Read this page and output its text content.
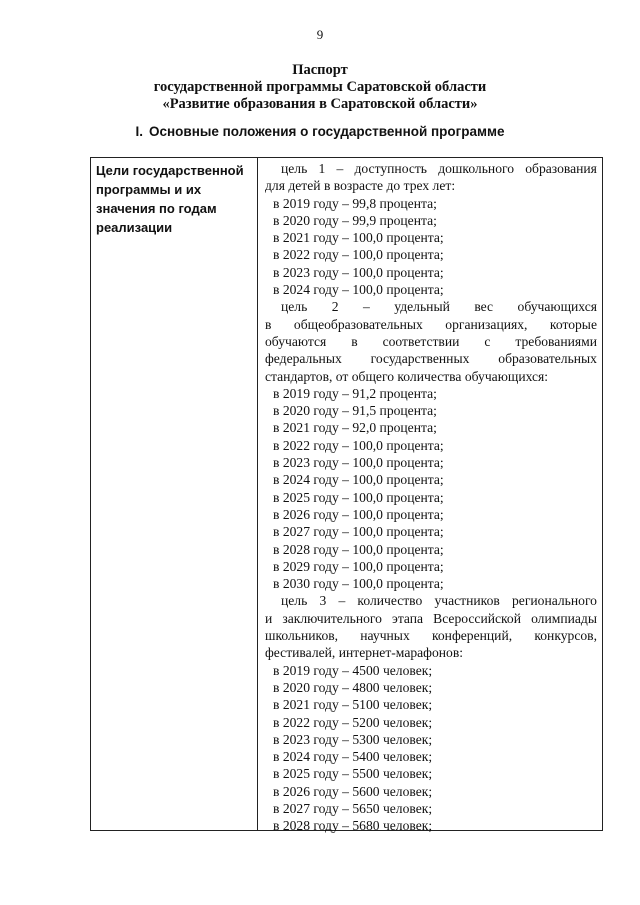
9
Паспорт
государственной программы Саратовской области
«Развитие образования в Саратовской области»
I. Основные положения о государственной программе
Цели государственной программы и их значения по годам реализации
цель 1 – доступность дошкольного образования
для детей в возрасте до трех лет:
в 2019 году – 99,8 процента;
в 2020 году – 99,9 процента;
в 2021 году – 100,0 процента;
в 2022 году – 100,0 процента;
в 2023 году – 100,0 процента;
в 2024 году – 100,0 процента;
цель 2 – удельный вес обучающихся
в общеобразовательных организациях, которые
обучаются в соответствии с требованиями
федеральных государственных образовательных
стандартов, от общего количества обучающихся:
в 2019 году – 91,2 процента;
в 2020 году – 91,5 процента;
в 2021 году – 92,0 процента;
в 2022 году – 100,0 процента;
в 2023 году – 100,0 процента;
в 2024 году – 100,0 процента;
в 2025 году – 100,0 процента;
в 2026 году – 100,0 процента;
в 2027 году – 100,0 процента;
в 2028 году – 100,0 процента;
в 2029 году – 100,0 процента;
в 2030 году – 100,0 процента;
цель 3 – количество участников регионального
и заключительного этапа Всероссийской олимпиады
школьников, научных конференций, конкурсов,
фестивалей, интернет-марафонов:
в 2019 году – 4500 человек;
в 2020 году – 4800 человек;
в 2021 году – 5100 человек;
в 2022 году – 5200 человек;
в 2023 году – 5300 человек;
в 2024 году – 5400 человек;
в 2025 году – 5500 человек;
в 2026 году – 5600 человек;
в 2027 году – 5650 человек;
в 2028 году – 5680 человек;
